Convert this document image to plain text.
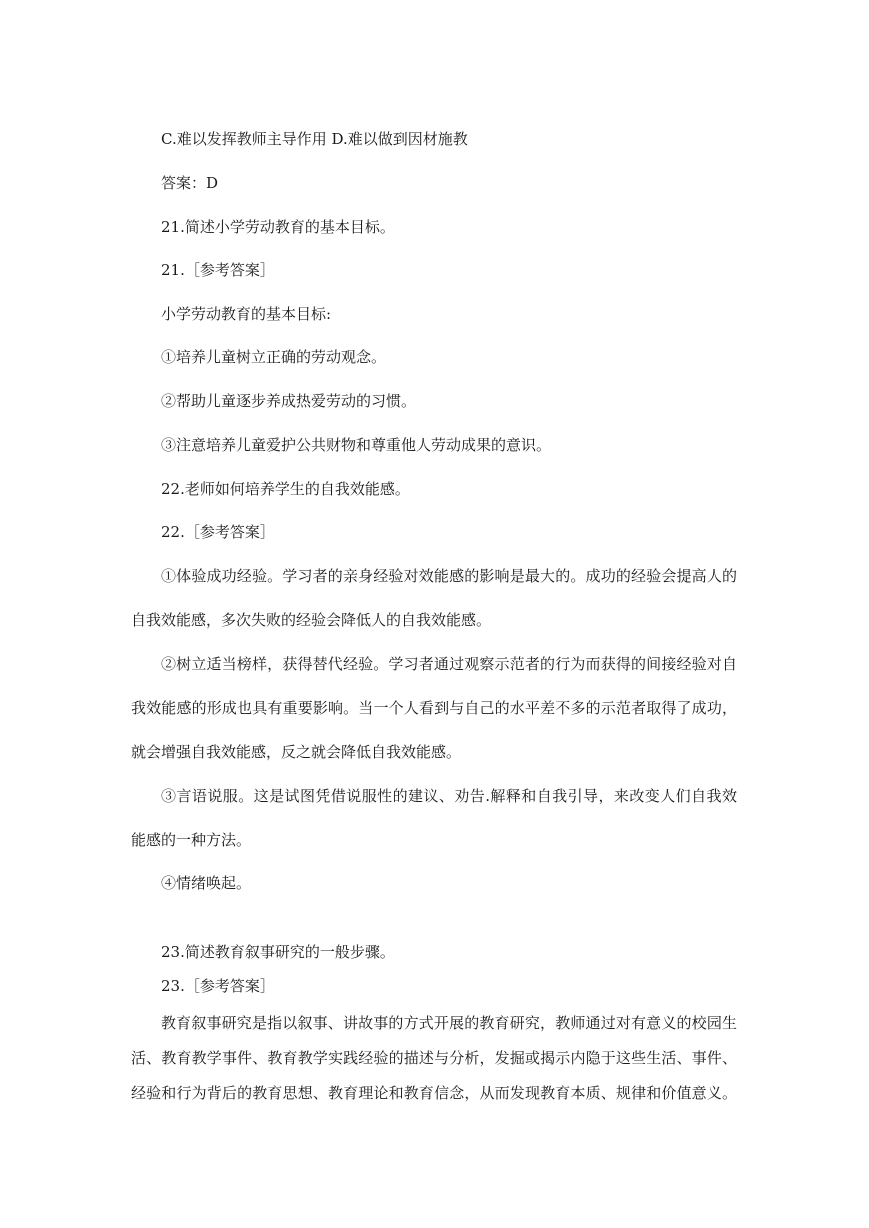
C.难以发挥教师主导作用 D.难以做到因材施教
答案：D
21.简述小学劳动教育的基本目标。
21.［参考答案］
小学劳动教育的基本目标:
①培养儿童树立正确的劳动观念。
②帮助儿童逐步养成热爱劳动的习惯。
③注意培养儿童爱护公共财物和尊重他人劳动成果的意识。
22.老师如何培养学生的自我效能感。
22.［参考答案］
①体验成功经验。学习者的亲身经验对效能感的影响是最大的。成功的经验会提高人的
自我效能感，多次失败的经验会降低人的自我效能感。
②树立适当榜样，获得替代经验。学习者通过观察示范者的行为而获得的间接经验对自
我效能感的形成也具有重要影响。当一个人看到与自己的水平差不多的示范者取得了成功，
就会增强自我效能感，反之就会降低自我效能感。
③言语说服。这是试图凭借说服性的建议、劝告.解释和自我引导，来改变人们自我效
能感的一种方法。
④情绪唤起。
23.简述教育叙事研究的一般步骤。
23.［参考答案］
教育叙事研究是指以叙事、讲故事的方式开展的教育研究，教师通过对有意义的校园生
活、教育教学事件、教育教学实践经验的描述与分析，发掘或揭示内隐于这些生活、事件、
经验和行为背后的教育思想、教育理论和教育信念，从而发现教育本质、规律和价值意义。
